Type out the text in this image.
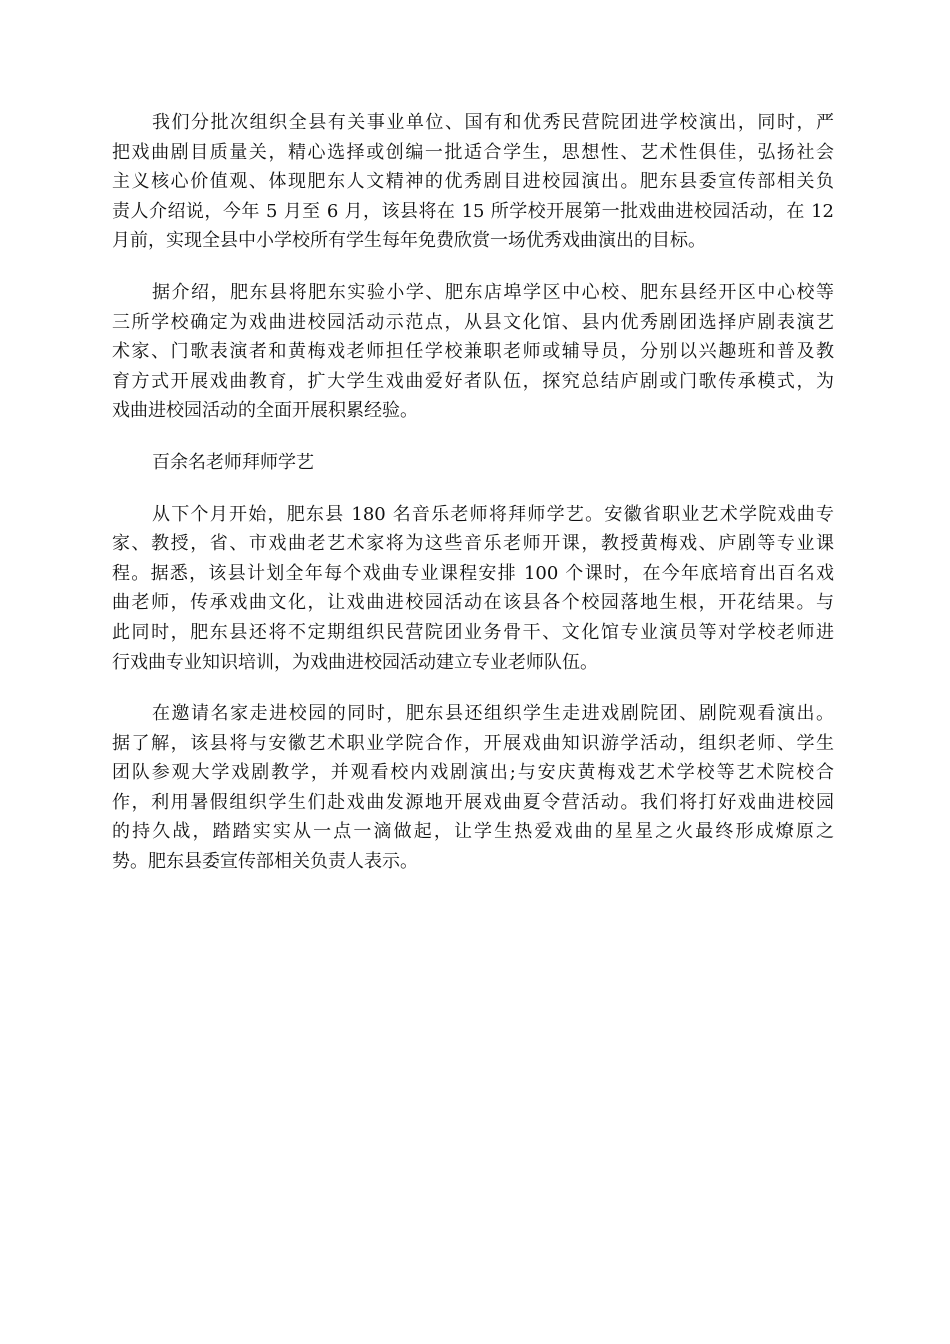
我们分批次组织全县有关事业单位、国有和优秀民营院团进学校演出，同时，严
把戏曲剧目质量关，精心选择或创编一批适合学生，思想性、艺术性俱佳，弘扬社会
主义核心价值观、体现肥东人文精神的优秀剧目进校园演出。肥东县委宣传部相关负
责人介绍说，今年 5 月至 6 月，该县将在 15 所学校开展第一批戏曲进校园活动，在 12
月前，实现全县中小学校所有学生每年免费欣赏一场优秀戏曲演出的目标。

据介绍，肥东县将肥东实验小学、肥东店埠学区中心校、肥东县经开区中心校等
三所学校确定为戏曲进校园活动示范点，从县文化馆、县内优秀剧团选择庐剧表演艺
术家、门歌表演者和黄梅戏老师担任学校兼职老师或辅导员，分别以兴趣班和普及教
育方式开展戏曲教育，扩大学生戏曲爱好者队伍，探究总结庐剧或门歌传承模式，为
戏曲进校园活动的全面开展积累经验。

百余名老师拜师学艺

从下个月开始，肥东县 180 名音乐老师将拜师学艺。安徽省职业艺术学院戏曲专
家、教授，省、市戏曲老艺术家将为这些音乐老师开课，教授黄梅戏、庐剧等专业课
程。据悉，该县计划全年每个戏曲专业课程安排 100 个课时，在今年底培育出百名戏
曲老师，传承戏曲文化，让戏曲进校园活动在该县各个校园落地生根，开花结果。与
此同时，肥东县还将不定期组织民营院团业务骨干、文化馆专业演员等对学校老师进
行戏曲专业知识培训，为戏曲进校园活动建立专业老师队伍。

在邀请名家走进校园的同时，肥东县还组织学生走进戏剧院团、剧院观看演出。
据了解，该县将与安徽艺术职业学院合作，开展戏曲知识游学活动，组织老师、学生
团队参观大学戏剧教学，并观看校内戏剧演出;与安庆黄梅戏艺术学校等艺术院校合
作，利用暑假组织学生们赴戏曲发源地开展戏曲夏令营活动。我们将打好戏曲进校园
的持久战，踏踏实实从一点一滴做起，让学生热爱戏曲的星星之火最终形成燎原之
势。肥东县委宣传部相关负责人表示。
